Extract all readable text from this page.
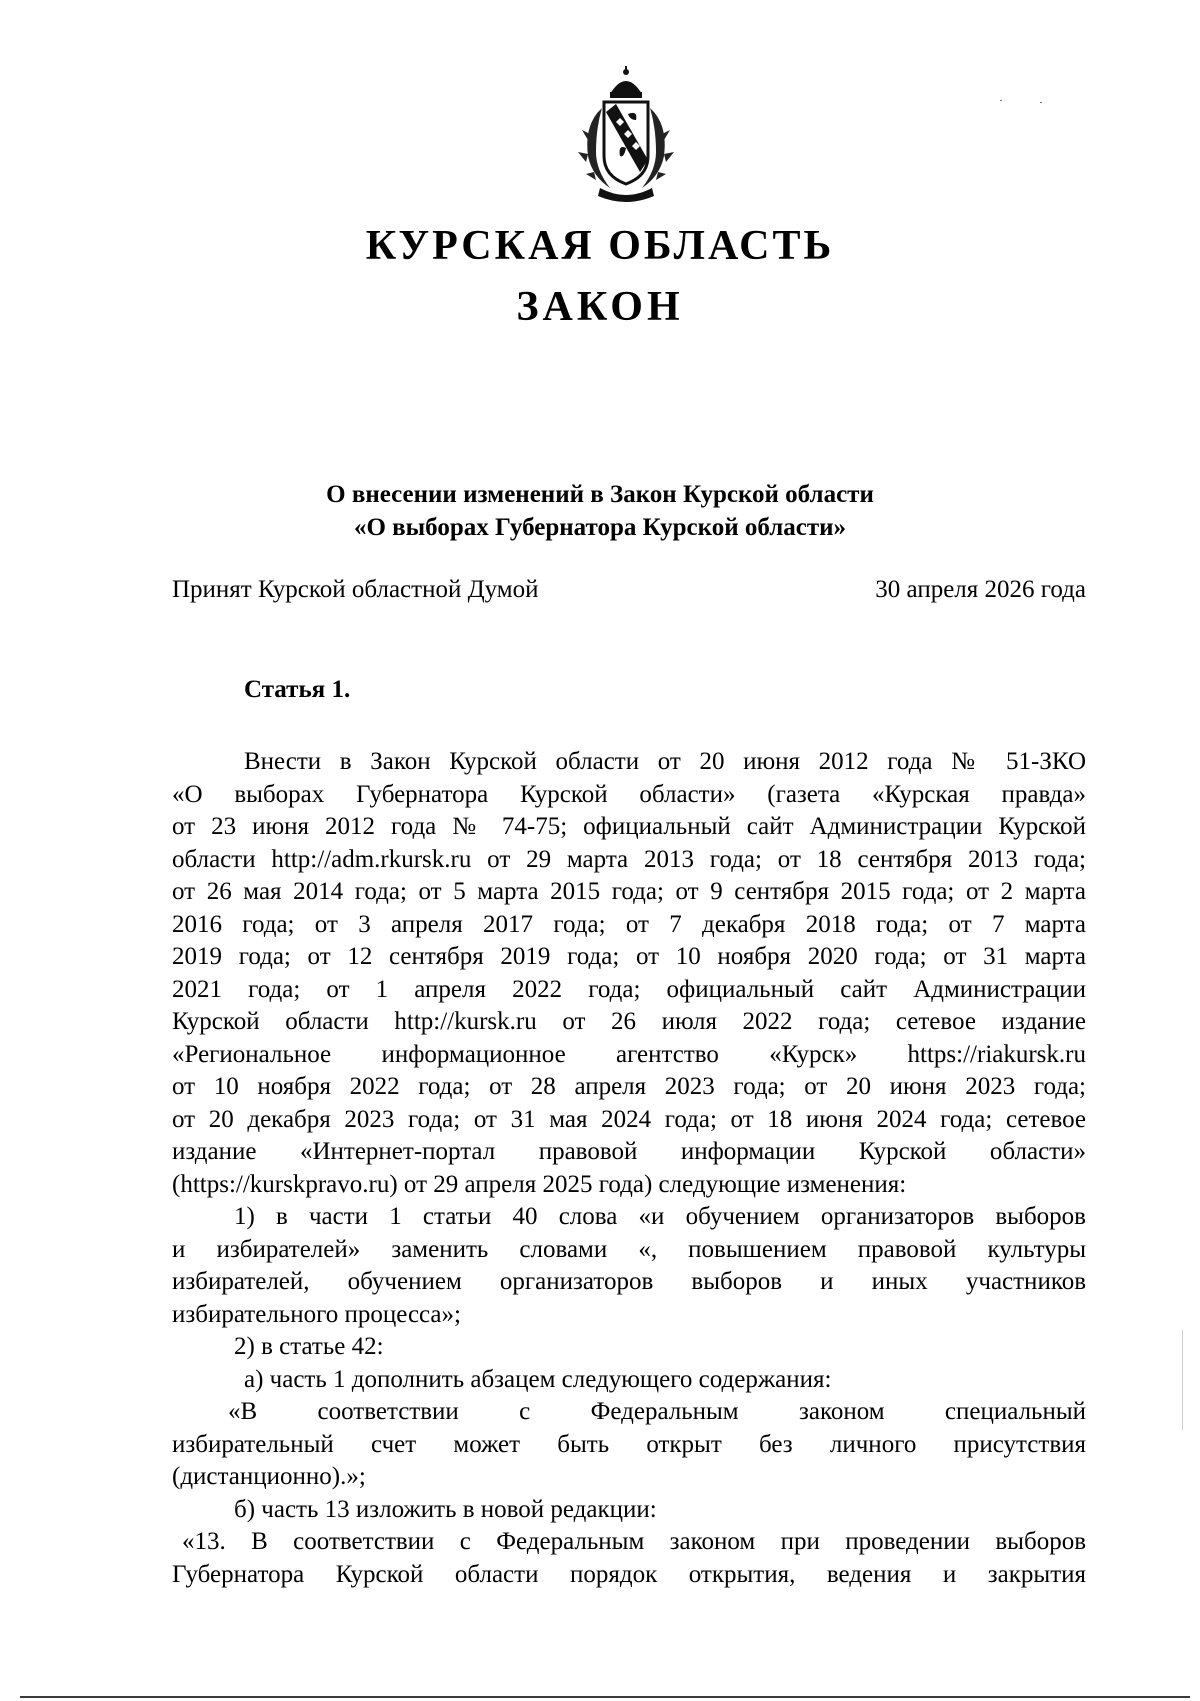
КУРСКАЯ ОБЛАСТЬ
ЗАКОН
О внесении изменений в Закон Курской области
«О выборах Губернатора Курской области»
Принят Курской областной Думой	30 апреля 2026 года
Статья 1.
Внести в Закон Курской области от 20 июня 2012 года № 51-ЗКО
«О выборах Губернатора Курской области» (газета «Курская правда»
от 23 июня 2012 года № 74-75; официальный сайт Администрации Курской
области http://adm.rkursk.ru от 29 марта 2013 года; от 18 сентября 2013 года;
от 26 мая 2014 года; от 5 марта 2015 года; от 9 сентября 2015 года; от 2 марта
2016 года; от 3 апреля 2017 года; от 7 декабря 2018 года; от 7 марта
2019 года; от 12 сентября 2019 года; от 10 ноября 2020 года; от 31 марта
2021 года; от 1 апреля 2022 года; официальный сайт Администрации
Курской области http://kursk.ru от 26 июля 2022 года; сетевое издание
«Региональное информационное агентство «Курск» https://riakursk.ru
от 10 ноября 2022 года; от 28 апреля 2023 года; от 20 июня 2023 года;
от 20 декабря 2023 года; от 31 мая 2024 года; от 18 июня 2024 года; сетевое
издание «Интернет-портал правовой информации Курской области»
(https://kurskpravo.ru) от 29 апреля 2025 года) следующие изменения:
1) в части 1 статьи 40 слова «и обучением организаторов выборов
и избирателей» заменить словами «, повышением правовой культуры
избирателей, обучением организаторов выборов и иных участников
избирательного процесса»;
2) в статье 42:
а) часть 1 дополнить абзацем следующего содержания:
«В соответствии с Федеральным законом специальный
избирательный счет может быть открыт без личного присутствия
(дистанционно).»;
б) часть 13 изложить в новой редакции:
«13. В соответствии с Федеральным законом при проведении выборов
Губернатора Курской области порядок открытия, ведения и закрытия
